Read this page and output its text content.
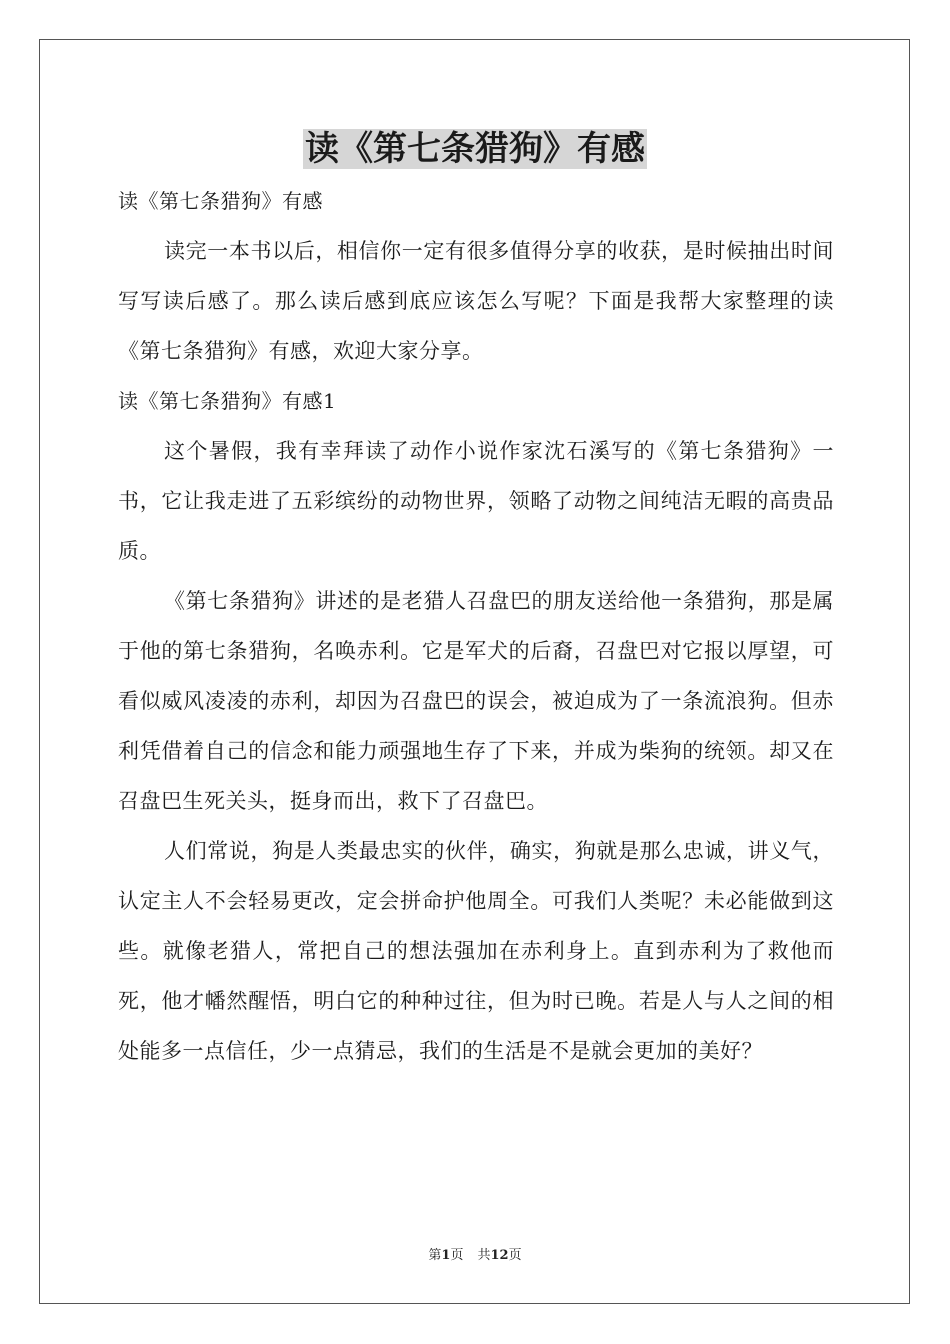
读《第七条猎狗》有感

读《第七条猎狗》有感

读完一本书以后，相信你一定有很多值得分享的收获，是时候抽出时间写写读后感了。那么读后感到底应该怎么写呢？下面是我帮大家整理的读《第七条猎狗》有感，欢迎大家分享。

读《第七条猎狗》有感1

这个暑假，我有幸拜读了动作小说作家沈石溪写的《第七条猎狗》一书，它让我走进了五彩缤纷的动物世界，领略了动物之间纯洁无暇的高贵品质。

《第七条猎狗》讲述的是老猎人召盘巴的朋友送给他一条猎狗，那是属于他的第七条猎狗，名唤赤利。它是军犬的后裔，召盘巴对它报以厚望，可看似威风凌凌的赤利，却因为召盘巴的误会，被迫成为了一条流浪狗。但赤利凭借着自己的信念和能力顽强地生存了下来，并成为柴狗的统领。却又在召盘巴生死关头，挺身而出，救下了召盘巴。

人们常说，狗是人类最忠实的伙伴，确实，狗就是那么忠诚，讲义气，认定主人不会轻易更改，定会拼命护他周全。可我们人类呢？未必能做到这些。就像老猎人，常把自己的想法强加在赤利身上。直到赤利为了救他而死，他才幡然醒悟，明白它的种种过往，但为时已晚。若是人与人之间的相处能多一点信任，少一点猜忌，我们的生活是不是就会更加的美好？

第1页 共12页
